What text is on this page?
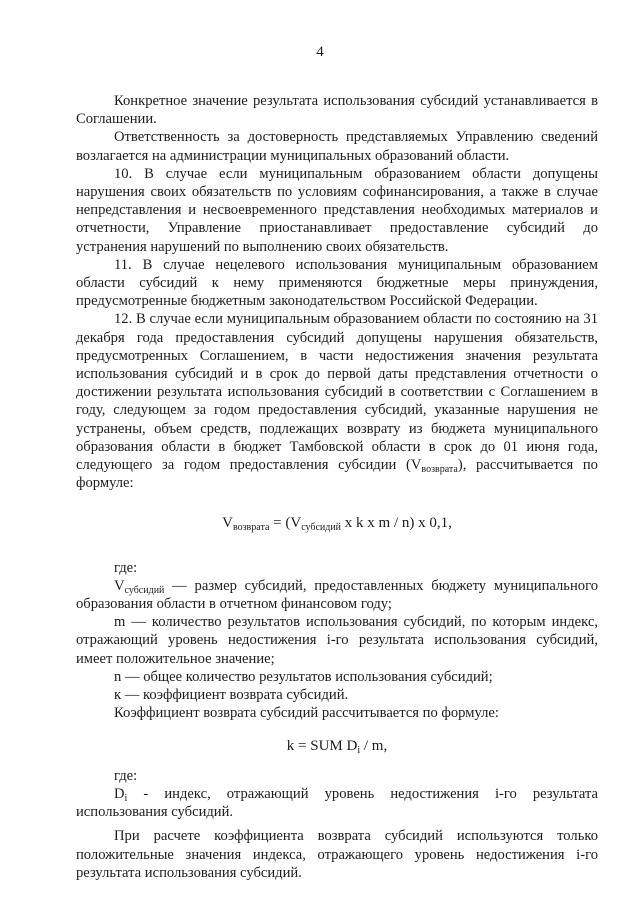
4

Конкретное значение результата использования субсидий устанавливается в Соглашении.

Ответственность за достоверность представляемых Управлению сведений возлагается на администрации муниципальных образований области.

10. В случае если муниципальным образованием области допущены нарушения своих обязательств по условиям софинансирования, а также в случае непредставления и несвоевременного представления необходимых материалов и отчетности, Управление приостанавливает предоставление субсидий до устранения нарушений по выполнению своих обязательств.

11. В случае нецелевого использования муниципальным образованием области субсидий к нему применяются бюджетные меры принуждения, предусмотренные бюджетным законодательством Российской Федерации.

12. В случае если муниципальным образованием области по состоянию на 31 декабря года предоставления субсидий допущены нарушения обязательств, предусмотренных Соглашением, в части недостижения значения результата использования субсидий и в срок до первой даты представления отчетности о достижении результата использования субсидий в соответствии с Соглашением в году, следующем за годом предоставления субсидий, указанные нарушения не устранены, объем средств, подлежащих возврату из бюджета муниципального образования области в бюджет Тамбовской области в срок до 01 июня года, следующего за годом предоставления субсидии $(V_{возврата})$, рассчитывается по формуле:

$V_{возврата} = (V_{субсидий}$ x k x m / n) x 0,1,

где:

$V_{субсидий}$ — размер субсидий, предоставленных бюджету муниципального образования области в отчетном финансовом году;

m — количество результатов использования субсидий, по которым индекс, отражающий уровень недостижения i-го результата использования субсидий, имеет положительное значение;

n — общее количество результатов использования субсидий;

к — коэффициент возврата субсидий.

Коэффициент возврата субсидий рассчитывается по формуле:

k = SUM $D_i$ / m,

где:

$D_i$ - индекс, отражающий уровень недостижения i-го результата использования субсидий.

При расчете коэффициента возврата субсидий используются только положительные значения индекса, отражающего уровень недостижения i-го результата использования субсидий.
